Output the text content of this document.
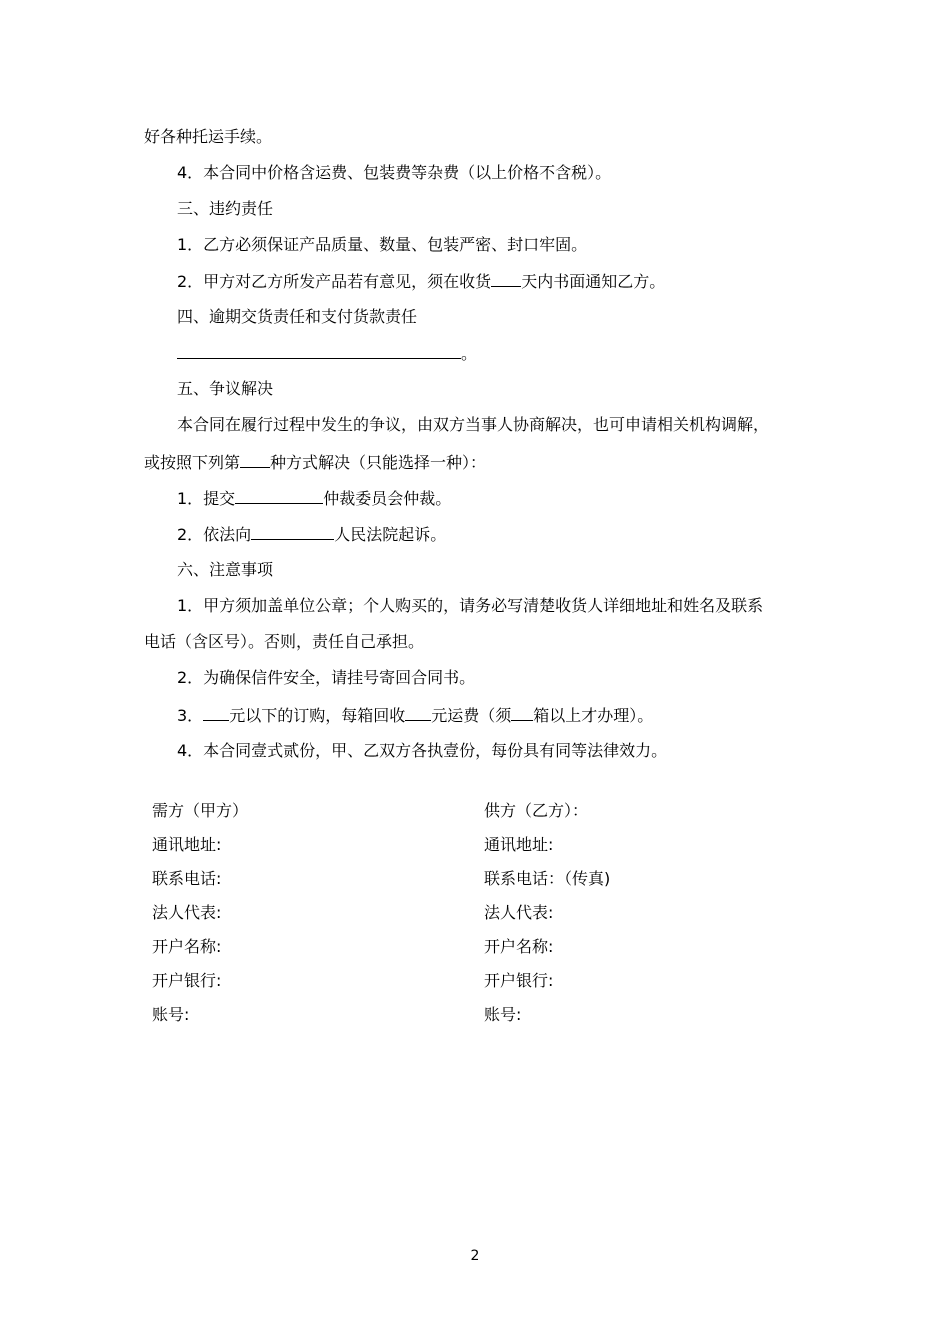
好各种托运手续。
4．本合同中价格含运费、包装费等杂费（以上价格不含税）。
三、违约责任
1．乙方必须保证产品质量、数量、包装严密、封口牢固。
2．甲方对乙方所发产品若有意见，须在收货 天内书面通知乙方。
四、逾期交货责任和支付货款责任
。
五、争议解决
本合同在履行过程中发生的争议，由双方当事人协商解决，也可申请相关机构调解，
或按照下列第 种方式解决（只能选择一种）：
1．提交	仲裁委员会仲裁。
2．依法向	人民法院起诉。
六、注意事项
1．甲方须加盖单位公章；个人购买的，请务必写清楚收货人详细地址和姓名及联系
电话（含区号）。否则，责任自己承担。
2．为确保信件安全，请挂号寄回合同书。
3． 元以下的订购，每箱回收 元运费（须 箱以上才办理）。
4．本合同壹式贰份，甲、乙双方各执壹份，每份具有同等法律效力。
需方（甲方）
通讯地址:
联系电话:
法人代表:
开户名称:
开户银行:
账号:
供方（乙方）：
通讯地址:
联系电话：（传真)
法人代表:
开户名称:
开户银行:
账号:
2
